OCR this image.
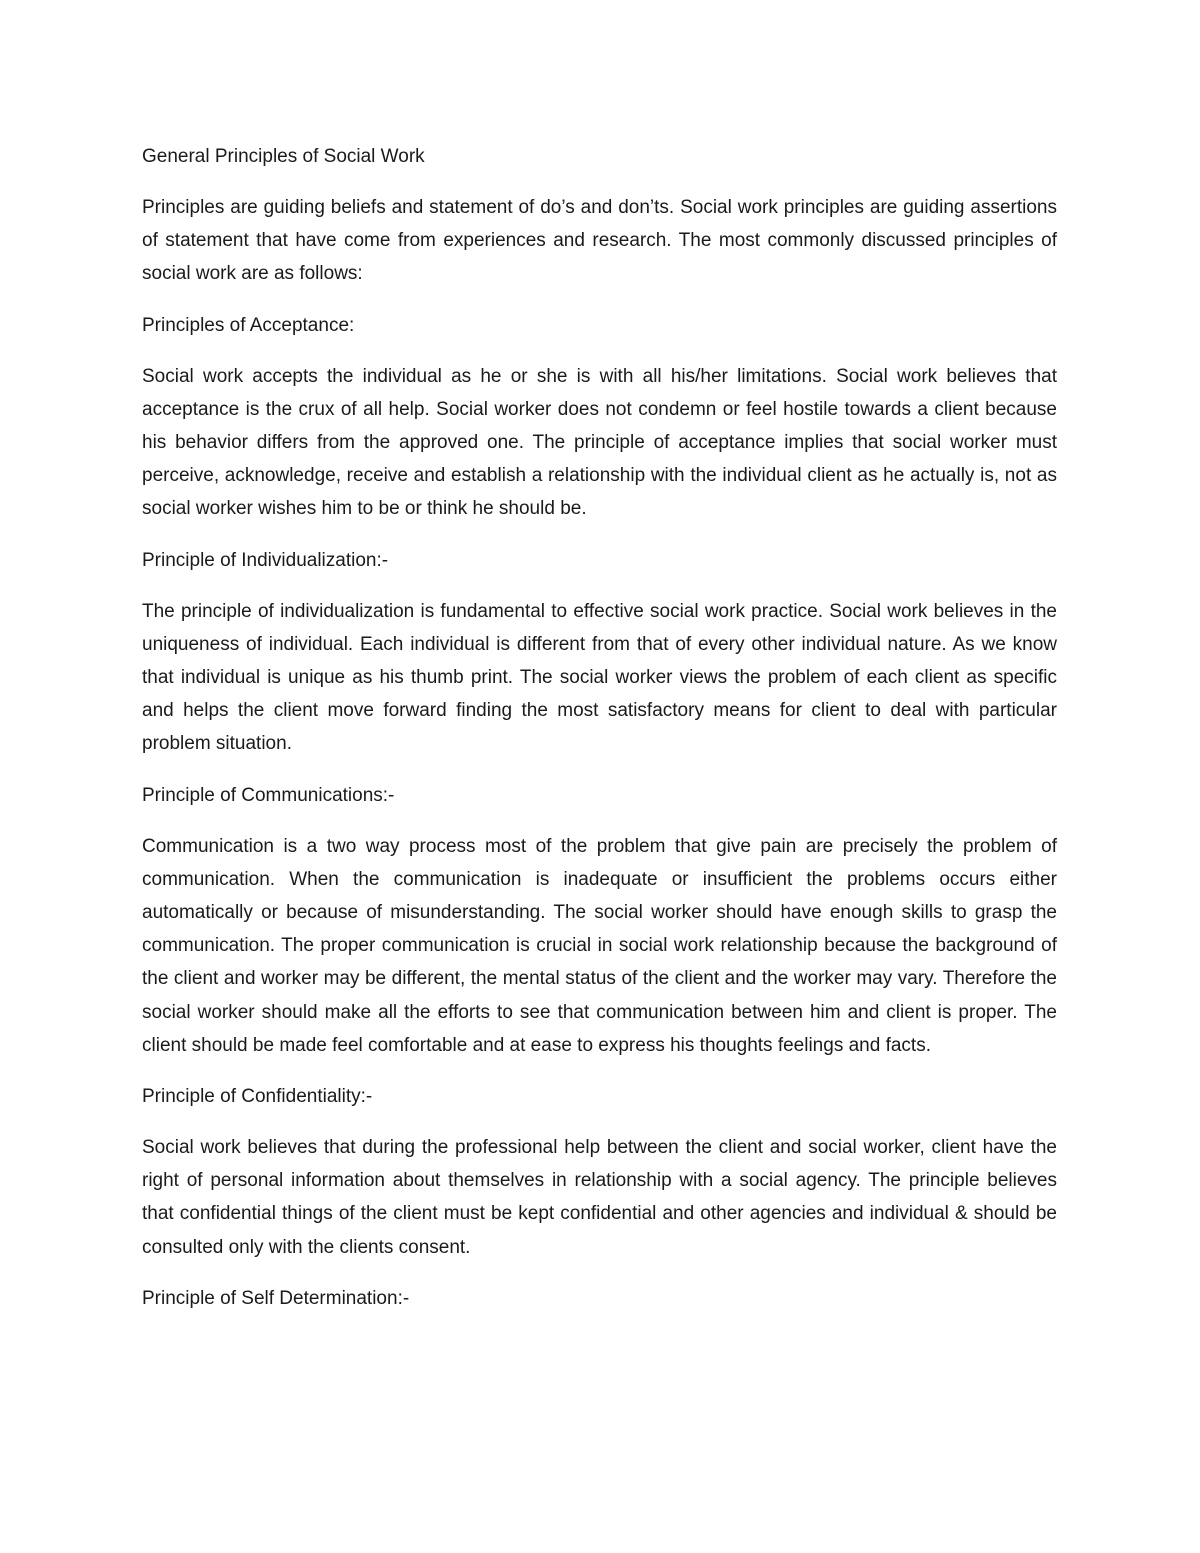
General Principles of Social Work

Principles are guiding beliefs and statement of do’s and don’ts. Social work principles are guiding assertions of statement that have come from experiences and research. The most commonly discussed principles of social work are as follows:

Principles of Acceptance:

Social work accepts the individual as he or she is with all his/her limitations. Social work believes that acceptance is the crux of all help. Social worker does not condemn or feel hostile towards a client because his behavior differs from the approved one. The principle of acceptance implies that social worker must perceive, acknowledge, receive and establish a relationship with the individual client as he actually is, not as social worker wishes him to be or think he should be.

Principle of Individualization:-

The principle of individualization is fundamental to effective social work practice. Social work believes in the uniqueness of individual. Each individual is different from that of every other individual nature. As we know that individual is unique as his thumb print. The social worker views the problem of each client as specific and helps the client move forward finding the most satisfactory means for client to deal with particular problem situation.

Principle of Communications:-

Communication is a two way process most of the problem that give pain are precisely the problem of communication. When the communication is inadequate or insufficient the problems occurs either automatically or because of misunderstanding. The social worker should have enough skills to grasp the communication. The proper communication is crucial in social work relationship because the background of the client and worker may be different, the mental status of the client and the worker may vary. Therefore the social worker should make all the efforts to see that communication between him and client is proper. The client should be made feel comfortable and at ease to express his thoughts feelings and facts.

Principle of Confidentiality:-

Social work believes that during the professional help between the client and social worker, client have the right of personal information about themselves in relationship with a social agency. The principle believes that confidential things of the client must be kept confidential and other agencies and individual & should be consulted only with the clients consent.

Principle of Self Determination:-
